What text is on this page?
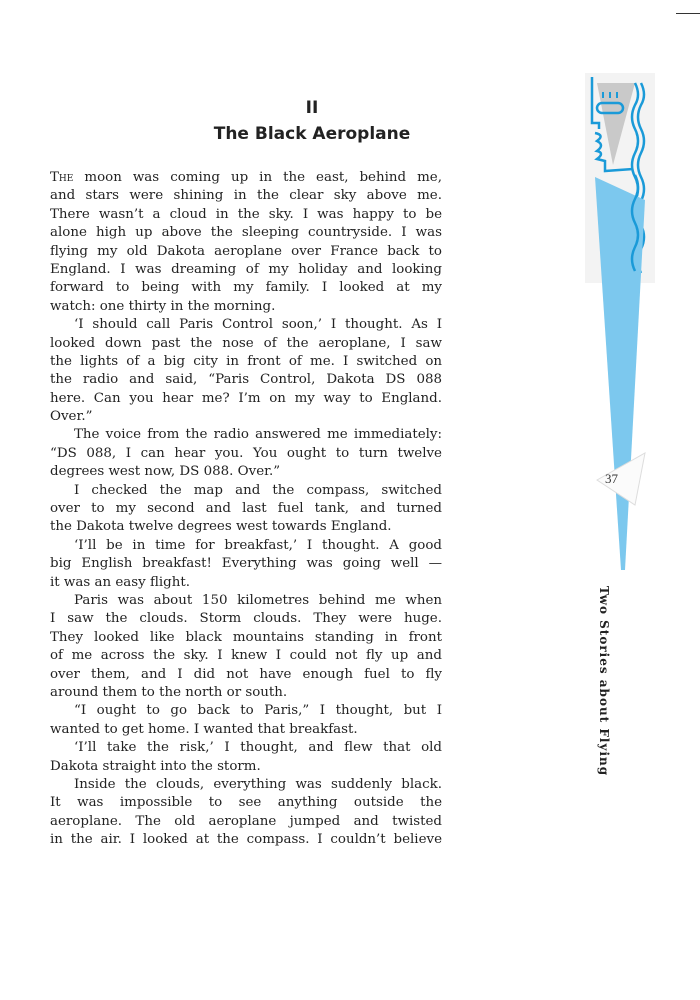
II
The Black Aeroplane
The moon was coming up in the east, behind me,
and stars were shining in the clear sky above me.
There wasn’t a cloud in the sky. I was happy to be
alone high up above the sleeping countryside. I was
flying my old Dakota aeroplane over France back to
England. I was dreaming of my holiday and looking
forward to being with my family. I looked at my
watch: one thirty in the morning.
‘I should call Paris Control soon,’ I thought. As I
looked down past the nose of the aeroplane, I saw
the lights of a big city in front of me. I switched on
the radio and said, “Paris Control, Dakota DS 088
here. Can you hear me? I’m on my way to England.
Over.”
The voice from the radio answered me immediately:
“DS 088, I can hear you. You ought to turn twelve
degrees west now, DS 088. Over.”
I checked the map and the compass, switched
over to my second and last fuel tank, and turned
the Dakota twelve degrees west towards England.
‘I’ll be in time for breakfast,’ I thought. A good
big English breakfast! Everything was going well —
it was an easy flight.
Paris was about 150 kilometres behind me when
I saw the clouds. Storm clouds. They were huge.
They looked like black mountains standing in front
of me across the sky. I knew I could not fly up and
over them, and I did not have enough fuel to fly
around them to the north or south.
“I ought to go back to Paris,” I thought, but I
wanted to get home. I wanted that breakfast.
‘I’ll take the risk,’ I thought, and flew that old
Dakota straight into the storm.
Inside the clouds, everything was suddenly black.
It was impossible to see anything outside the
aeroplane. The old aeroplane jumped and twisted
in the air. I looked at the compass. I couldn’t believe
37
Two Stories about Flying
